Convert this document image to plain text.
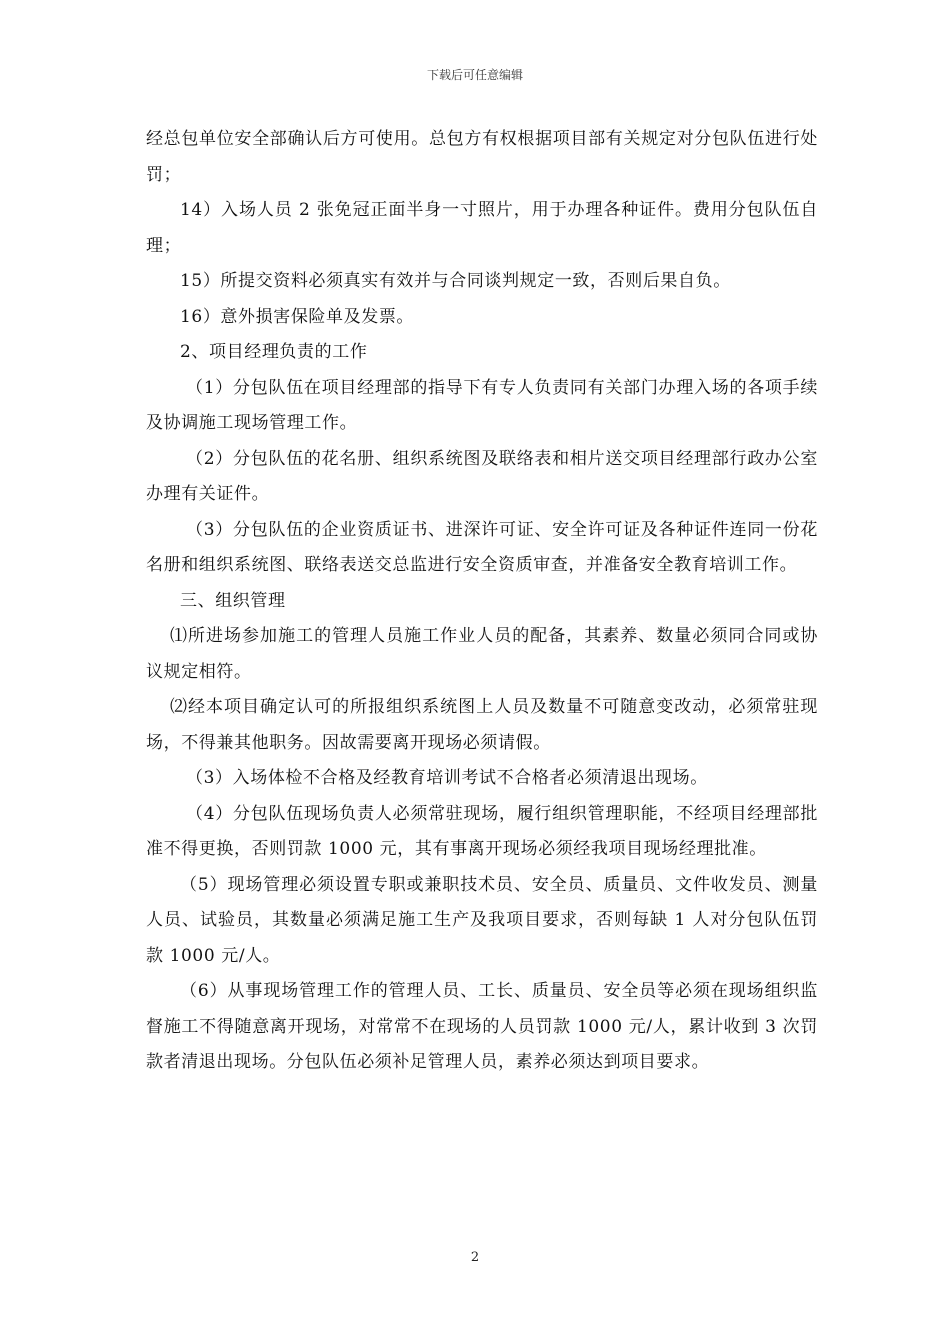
下载后可任意编辑

经总包单位安全部确认后方可使用。总包方有权根据项目部有关规定对分包队伍进行处罚；

14）入场人员 2 张免冠正面半身一寸照片，用于办理各种证件。费用分包队伍自理；

15）所提交资料必须真实有效并与合同谈判规定一致，否则后果自负。

16）意外损害保险单及发票。

2、项目经理负责的工作

（1）分包队伍在项目经理部的指导下有专人负责同有关部门办理入场的各项手续及协调施工现场管理工作。

（2）分包队伍的花名册、组织系统图及联络表和相片送交项目经理部行政办公室办理有关证件。

（3）分包队伍的企业资质证书、进深许可证、安全许可证及各种证件连同一份花名册和组织系统图、联络表送交总监进行安全资质审查，并准备安全教育培训工作。

三、组织管理

⑴所进场参加施工的管理人员施工作业人员的配备，其素养、数量必须同合同或协议规定相符。

⑵经本项目确定认可的所报组织系统图上人员及数量不可随意变改动，必须常驻现场，不得兼其他职务。因故需要离开现场必须请假。

（3）入场体检不合格及经教育培训考试不合格者必须清退出现场。

（4）分包队伍现场负责人必须常驻现场，履行组织管理职能，不经项目经理部批准不得更换，否则罚款 1000 元，其有事离开现场必须经我项目现场经理批准。

（5）现场管理必须设置专职或兼职技术员、安全员、质量员、文件收发员、测量人员、试验员，其数量必须满足施工生产及我项目要求，否则每缺 1 人对分包队伍罚款 1000 元/人。

（6）从事现场管理工作的管理人员、工长、质量员、安全员等必须在现场组织监督施工不得随意离开现场，对常常不在现场的人员罚款 1000 元/人，累计收到 3 次罚款者清退出现场。分包队伍必须补足管理人员，素养必须达到项目要求。

2
